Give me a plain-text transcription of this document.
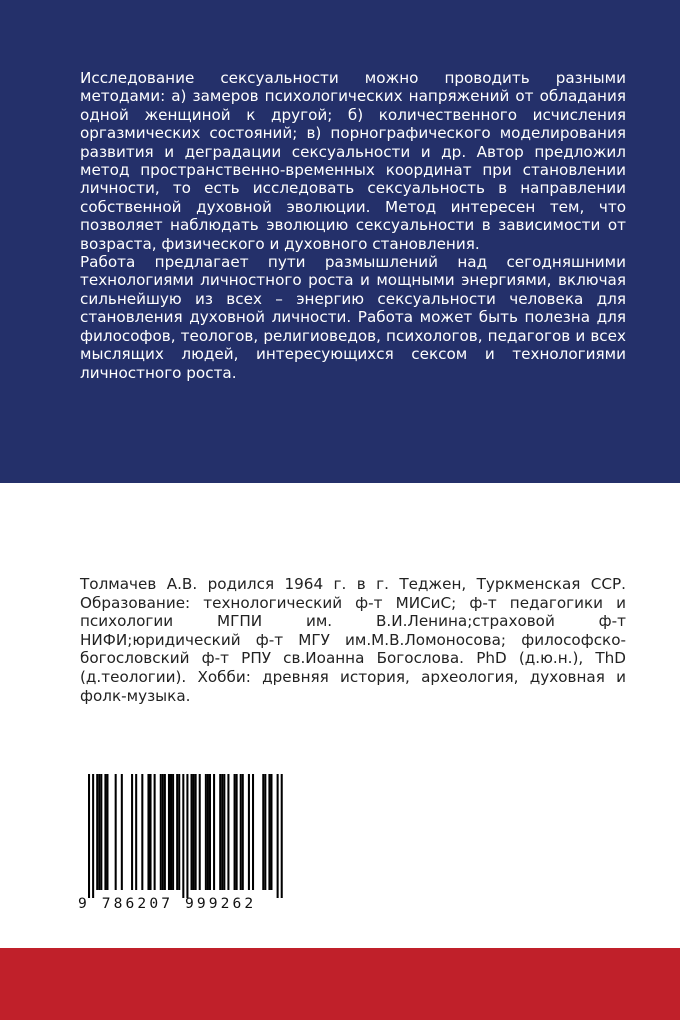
Исследование сексуальности можно проводить разными методами: а) замеров психологических напряжений от обладания одной женщиной к другой; б) количественного исчисления оргазмических состояний; в) порнографического моделирования развития и деградации сексуальности и др. Автор предложил метод пространственно-временных координат при становлении личности, то есть исследовать сексуальность в направлении собственной духовной эволюции. Метод интересен тем, что позволяет наблюдать эволюцию сексуальности в зависимости от возраста, физического и духовного становления.

Работа предлагает пути размышлений над сегодняшними технологиями личностного роста и мощными энергиями, включая сильнейшую из всех – энергию сексуальности человека для становления духовной личности. Работа может быть полезна для философов, теологов, религиоведов, психологов, педагогов и всех мыслящих людей, интересующихся сексом и технологиями личностного роста.

Толмачев А.В. родился 1964 г. в г. Теджен, Туркменская ССР. Образование: технологический ф-т МИСиС; ф-т педагогики и психологии МГПИ им. В.И.Ленина;страховой ф-т НИФИ;юридический ф-т МГУ им.М.В.Ломоносова; философско-богословский ф-т РПУ св.Иоанна Богослова. PhD (д.ю.н.), ThD (д.теологии). Хобби: древняя история, археология, духовная и фолк-музыка.

9 786207 999262
